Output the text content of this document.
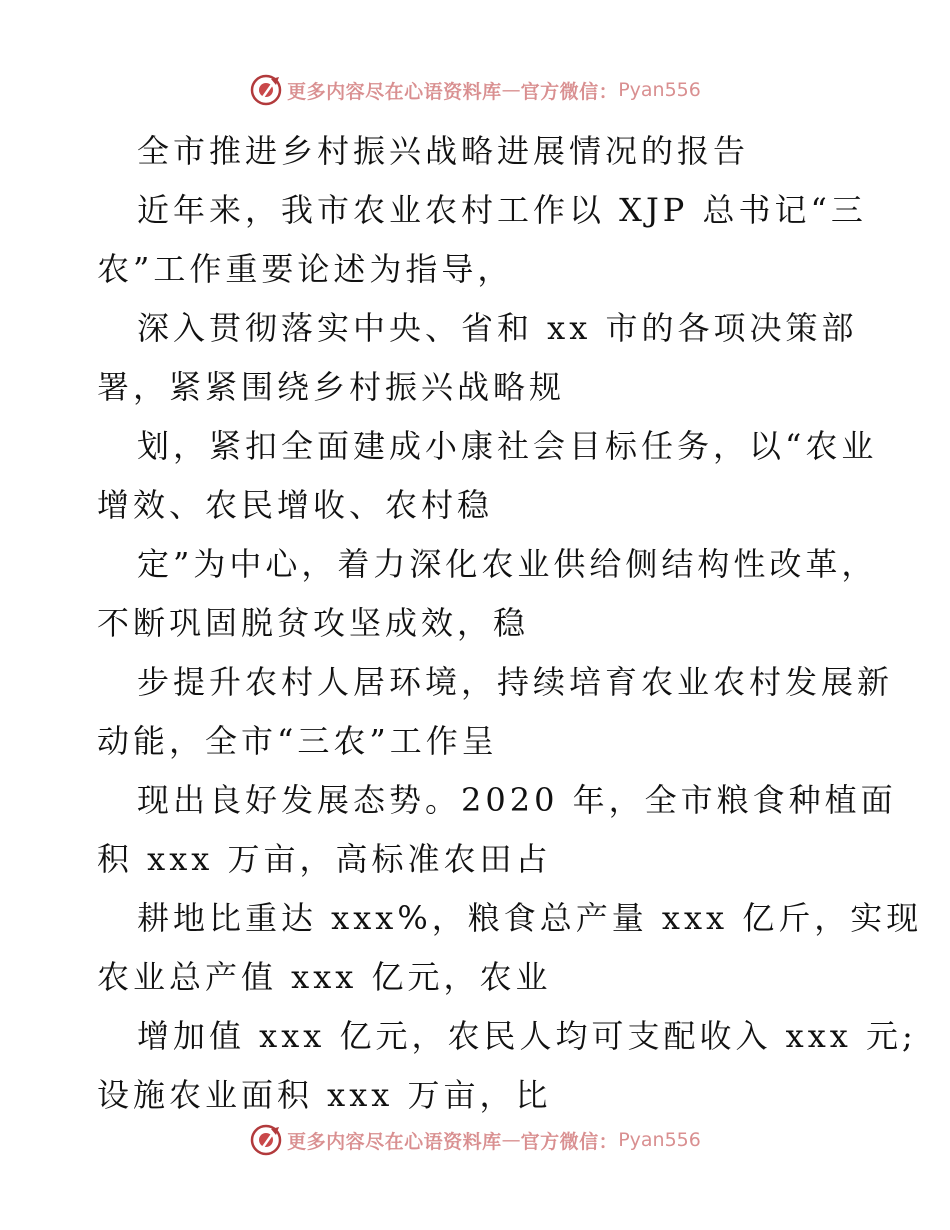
更多内容尽在心语资料库 — 官方微信： Pyan556
全市推进乡村振兴战略进展情况的报告
近年来，我市农业农村工作以 XJP 总书记“三
农”工作重要论述为指导，
深入贯彻落实中央、省和 xx 市的各项决策部
署，紧紧围绕乡村振兴战略规
划，紧扣全面建成小康社会目标任务，以“农业
增效、农民增收、农村稳
定”为中心，着力深化农业供给侧结构性改革，
不断巩固脱贫攻坚成效，稳
步提升农村人居环境，持续培育农业农村发展新
动能，全市“三农”工作呈
现出良好发展态势。2020 年，全市粮食种植面
积 xxx 万亩，高标准农田占
耕地比重达 xxx%，粮食总产量 xxx 亿斤，实现
农业总产值 xxx 亿元，农业
增加值 xxx 亿元，农民人均可支配收入 xxx 元;
设施农业面积 xxx 万亩，比
更多内容尽在心语资料库 — 官方微信： Pyan556
